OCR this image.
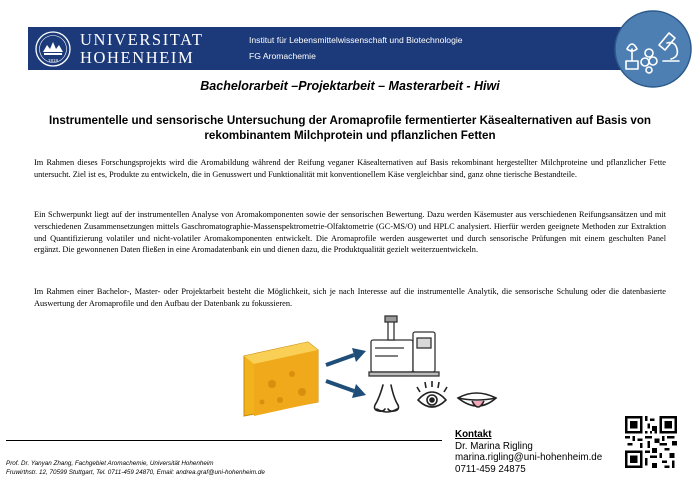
1818
UNIVERSITAT
HOHENHEIM
Institut für Lebensmittelwissenschaft und Biotechnologie
FG Aromachemie
Bachelorarbeit –Projektarbeit – Masterarbeit - Hiwi
Instrumentelle und sensorische Untersuchung der Aromaprofile fermentierter Käsealternativen auf Basis von
rekombinantem Milchprotein und pflanzlichen Fetten

Im Rahmen dieses Forschungsprojekts wird die Aromabildung während der Reifung veganer Käsealternativen auf Basis rekombinant hergestellter Milchproteine und pflanzlicher Fette untersucht. Ziel ist es, Produkte zu entwickeln, die in Genusswert und Funktionalität mit konventionellem Käse vergleichbar sind, ganz ohne tierische Bestandteile.

Ein Schwerpunkt liegt auf der instrumentellen Analyse von Aromakomponenten sowie der sensorischen Bewertung. Dazu werden Käsemuster aus verschiedenen Reifungsansätzen und mit verschiedenen Zusammensetzungen mittels Gaschromatographie-Massenspektrometrie-Olfaktometrie (GC-MS/O) und HPLC analysiert. Hierfür werden geeignete Methoden zur Extraktion und Quantifizierung volatiler und nicht-volatiler Aromakomponenten entwickelt. Die Aromaprofile werden ausgewertet und durch sensorische Prüfungen mit einem geschulten Panel ergänzt. Die gewonnenen Daten fließen in eine Aromadatenbank ein und dienen dazu, die Produktqualität gezielt weiterzuentwickeln.

Im Rahmen einer Bachelor-, Master- oder Projektarbeit besteht die Möglichkeit, sich je nach Interesse auf die instrumentelle Analytik, die sensorische Schulung oder die datenbasierte Auswertung der Aromaprofile und den Aufbau der Datenbank zu fokussieren.

Prof. Dr. Yanyan Zhang, Fachgebiet Aromachemie, Universität Hohenheim
Fruwirthstr. 12, 70599 Stuttgart, Tel. 0711-459 24870, Email: andrea.graf@uni-hohenheim.de
Kontakt
Dr. Marina Rigling
marina.rigling@uni-hohenheim.de
0711-459 24875
